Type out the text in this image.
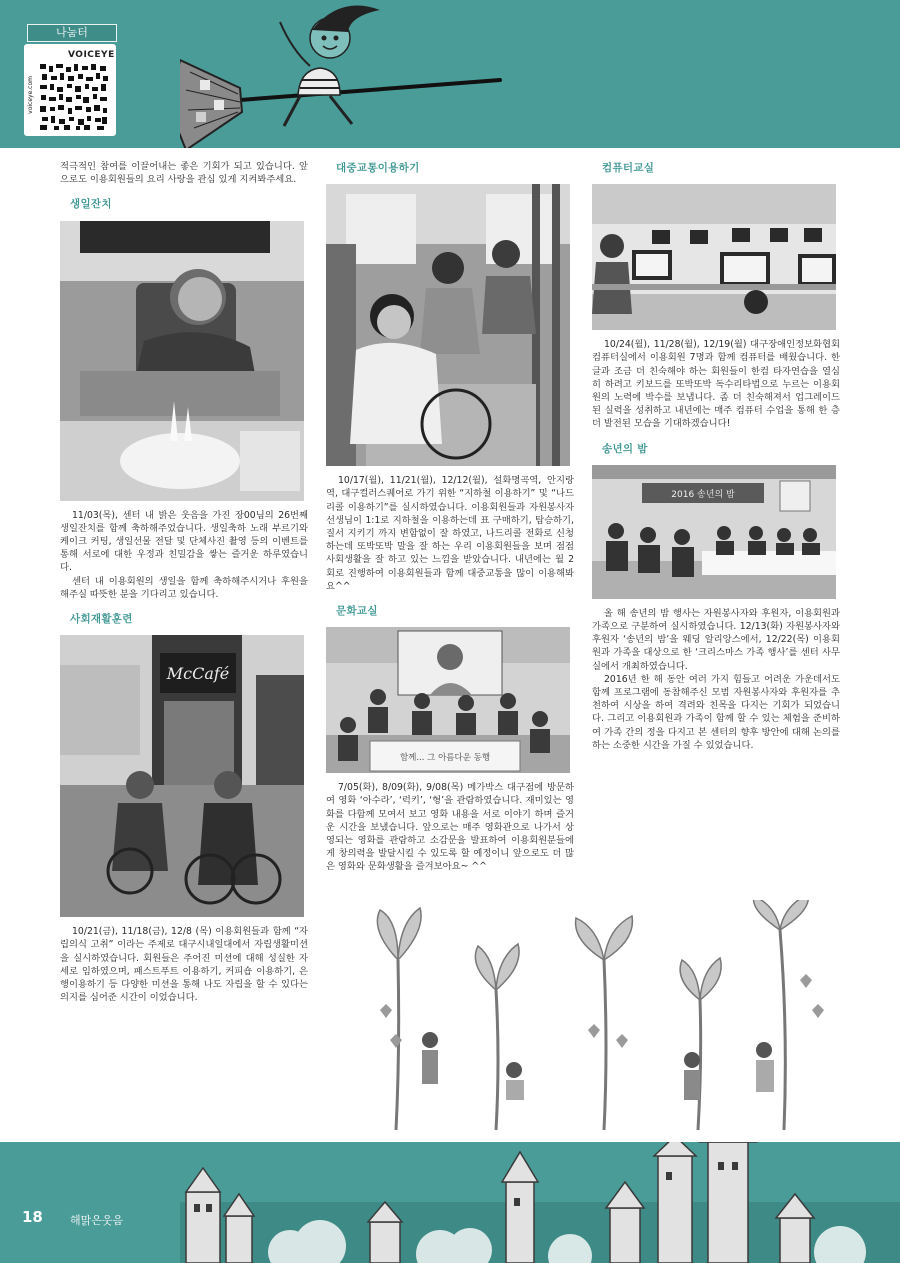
나눔터
VOICEYE
voiceye.com

적극적인 참여를 이끌어내는 좋은 기회가 되고 있습니다. 앞으로도 이용회원들의 요리 사랑을 관심 있게 지켜봐주세요.

생일잔치

11/03(목), 센터 내 밝은 웃음을 가진 장00님의 26번째 생일잔치를 함께 축하해주었습니다. 생일축하 노래 부르기와 케이크 커팅, 생일선물 전달 및 단체사진 촬영 등의 이벤트를 통해 서로에 대한 우정과 친밀감을 쌓는 즐거운 하루였습니다.

센터 내 이용회원의 생일을 함께 축하해주시거나 후원을 해주실 따뜻한 분을 기다리고 있습니다.

사회재활훈련
McCafé

10/21(금), 11/18(금), 12/8 (목) 이용회원들과 함께 “자립의식 고취” 이라는 주제로 대구시내일대에서 자립생활미션 을 실시하였습니다. 회원들은 주어진 미션에 대해 성실한 자세로 임하였으며, 패스트푸트 이용하기, 커피숍 이용하기, 은행이용하기 등 다양한 미션을 통해 나도 자립을 할 수 있다는 의지를 심어준 시간이 이었습니다.

대중교통이용하기

10/17(월), 11/21(월), 12/12(월), 설화명곡역, 안지랑역, 대구컬러스퀘어로 가기 위한 “지하철 이용하기” 및 “나드리콜 이용하기”를 실시하였습니다. 이용회원들과 자원봉사자 선생님이 1:1로 지하철을 이용하는데 표 구매하기, 탑승하기, 질서 지키기 까지 변함없이 잘 하였고, 나드리콜 전화로 신청하는데 또박또박 말을 잘 하는 우리 이용회원들을 보며 점점 사회생활을 잘 하고 있는 느낌을 받았습니다. 내년에는 월 2회로 진행하여 이용회원들과 함께 대중교통을 많이 이용해봐요^^

문화교실
함께... 그 아름다운 동행

7/05(화), 8/09(화), 9/08(목) 메가박스 대구점에 방문하여 영화 ‘아수라’, ‘럭키’, ‘형’을 관람하였습니다. 재미있는 영화를 다함께 모여서 보고 영화 내용을 서로 이야기 하며 즐거운 시간을 보냈습니다. 앞으로는 매주 영화관으로 나가서 상영되는 영화를 관람하고 소감문을 발표하여 이용회원분들에게 창의력을 발달시킬 수 있도록 할 예정이니 앞으로도 더 많은 영화와 문화생활을 즐겨보아요~ ^^

컴퓨터교실

10/24(월), 11/28(월), 12/19(월) 대구장애인정보화협회 컴퓨터실에서 이용회원 7명과 함께 컴퓨터를 배웠습니다. 한글과 조금 더 친숙해야 하는 회원들이 한컴 타자연습을 열심히 하려고 키보드를 또박또박 독수리타법으로 누르는 이용회원의 노력에 박수를 보냅니다. 좀 더 친숙해져서 업그레이드 된 실력을 성취하고 내년에는 매주 컴퓨터 수업을 통해 한 층 더 발전된 모습을 기대하겠습니다!

송년의 밤
2016 송년의 밤

올 해 송년의 밤 행사는 자원봉사자와 후원자, 이용회원과 가족으로 구분하여 실시하였습니다. 12/13(화) 자원봉사자와 후원자 ‘송년의 밤’을 웨딩 알리앙스에서, 12/22(목) 이용회원과 가족을 대상으로 한 ‘크리스마스 가족 행사’를 센터 사무실에서 개최하였습니다.

2016년 한 해 동안 여러 가지 힘들고 어려운 가운데서도 함께 프로그램에 동참해주신 모범 자원봉사자와 후원자를 추천하여 시상을 하여 격려와 친목을 다지는 기회가 되었습니다. 그리고 이용회원과 가족이 함께 할 수 있는 체험을 준비하여 가족 간의 정을 다지고 본 센터의 향후 방안에 대해 논의를 하는 소중한 시간을 가질 수 있었습니다.

18 해맑은웃음
